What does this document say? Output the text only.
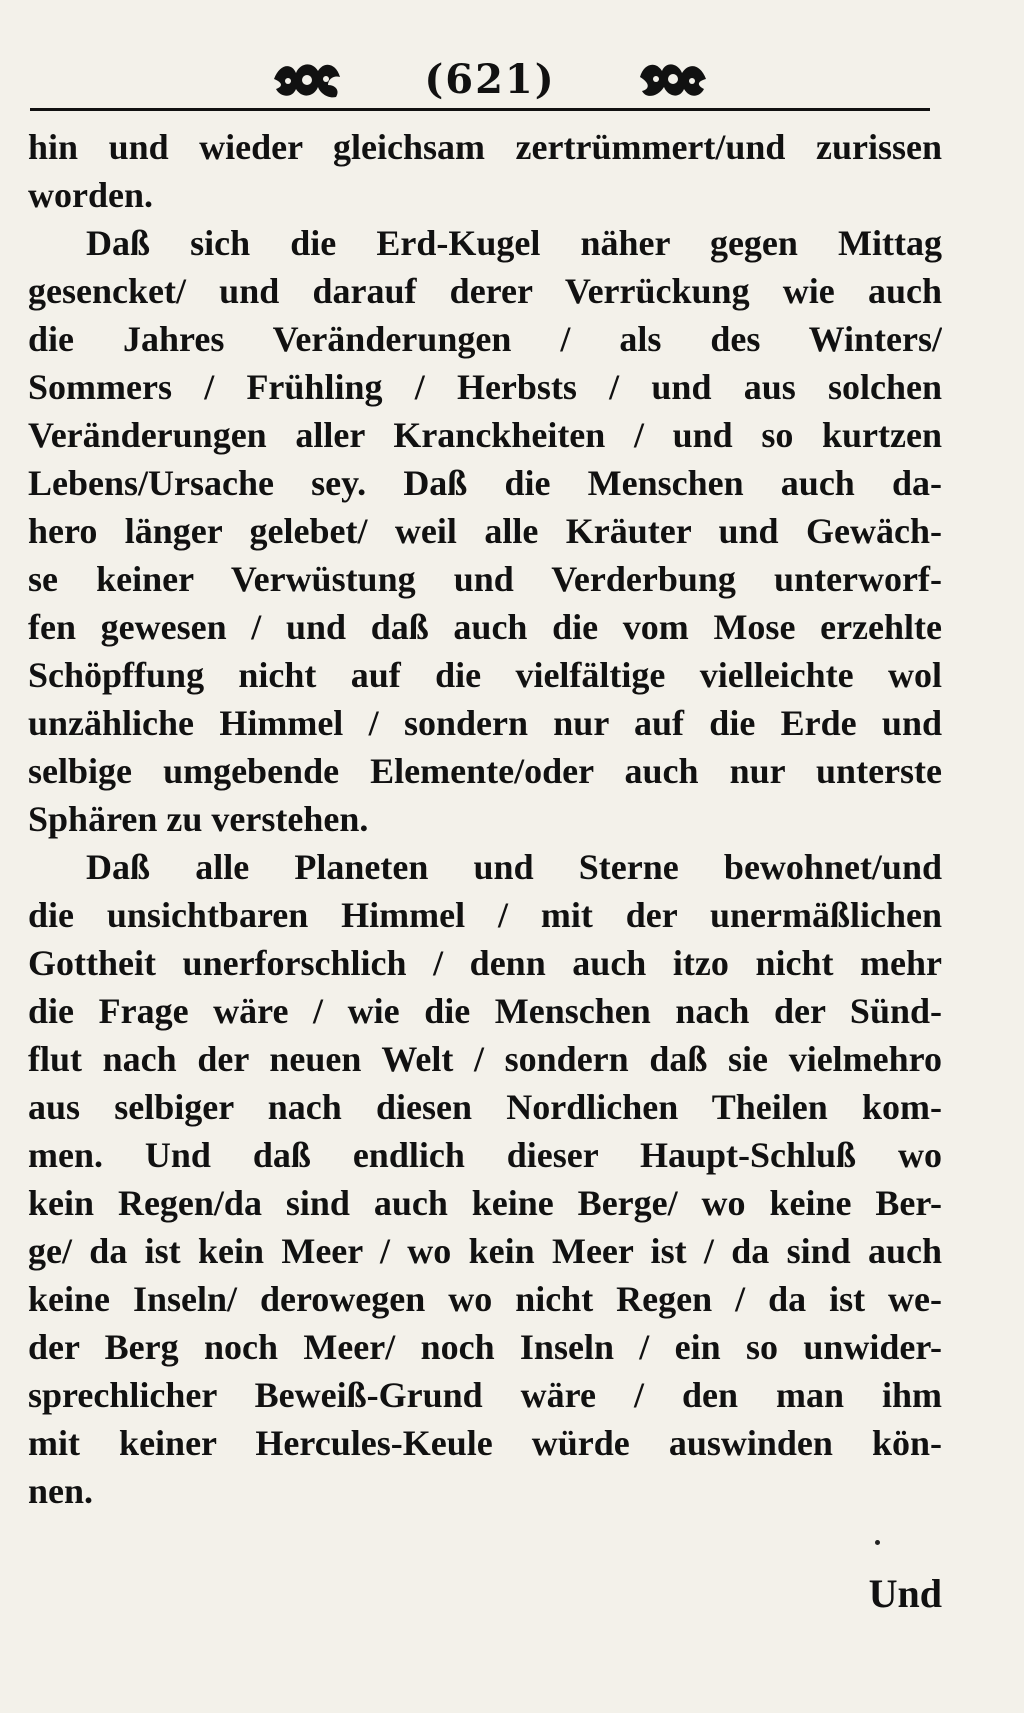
(621)
hin und wieder gleichsam zertrümmert/und zurissen
worden.
Daß sich die Erd-Kugel näher gegen Mittag
gesencket/ und darauf derer Verrückung wie auch
die Jahres Veränderungen / als des Winters/
Sommers / Frühling / Herbsts / und aus solchen
Veränderungen aller Kranckheiten / und so kurtzen
Lebens/Ursache sey. Daß die Menschen auch da-
hero länger gelebet/ weil alle Kräuter und Gewäch-
se keiner Verwüstung und Verderbung unterworf-
fen gewesen / und daß auch die vom Mose erzehlte
Schöpffung nicht auf die vielfältige vielleichte wol
unzähliche Himmel / sondern nur auf die Erde und
selbige umgebende Elemente/oder auch nur unterste
Sphären zu verstehen.
Daß alle Planeten und Sterne bewohnet/und
die unsichtbaren Himmel / mit der unermäßlichen
Gottheit unerforschlich / denn auch itzo nicht mehr
die Frage wäre / wie die Menschen nach der Sünd-
flut nach der neuen Welt / sondern daß sie vielmehro
aus selbiger nach diesen Nordlichen Theilen kom-
men. Und daß endlich dieser Haupt-Schluß wo
kein Regen/da sind auch keine Berge/ wo keine Ber-
ge/ da ist kein Meer / wo kein Meer ist / da sind auch
keine Inseln/ derowegen wo nicht Regen / da ist we-
der Berg noch Meer/ noch Inseln / ein so unwider-
sprechlicher Beweiß-Grund wäre / den man ihm
mit keiner Hercules-Keule würde auswinden kön-
nen.
Und
